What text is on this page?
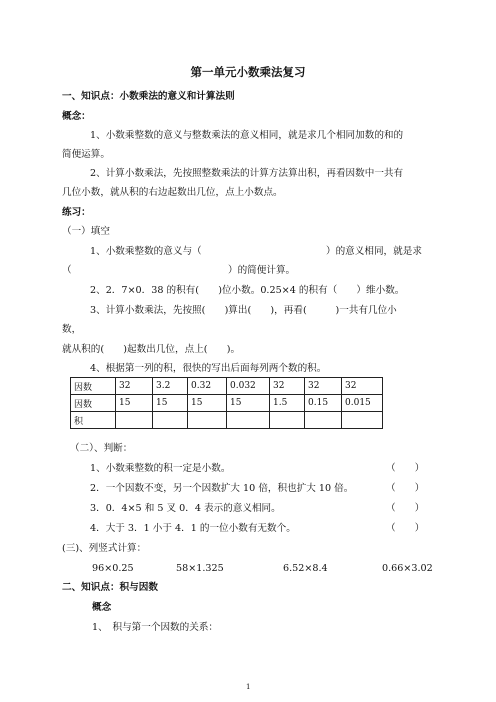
第一单元小数乘法复习
一、知识点：小数乘法的意义和计算法则
概念：
1、小数乘整数的意义与整数乘法的意义相同，就是求几个相同加数的和的
简便运算。
2、计算小数乘法，先按照整数乘法的计算方法算出积，再看因数中一共有
几位小数，就从积的右边起数出几位，点上小数点。
练习：
（一）填空
1、小数乘整数的意义与（	）的意义相同，就是求
（	）的简便计算。
2、2．7×0．38 的积有(　　)位小数。0.25×4 的积有（　　）维小数。
3、计算小数乘法，先按照(　　)算出(　　)，再看(　　　)一共有几位小
数，
就从积的(　　)起数出几位，点上(　　)。
4、根据第一列的积，很快的写出后面每列两个数的积。
因数	32	3.2	0.32	0.032	32	32	32
因数	15	15	15	15	1.5	0.15	0.015
积							
（二）、判断：
1、小数乘整数的积一定是小数。	（　　）
2．一个因数不变，另一个因数扩大 10 倍，积也扩大 10 倍。	（　　）
3．0．4×5 和 5 叉 0．4 表示的意义相同。	（　　）
4．大于 3．1 小于 4．1 的一位小数有无数个。	（　　）
(三)、列竖式计算：
96×0.25	58×1.325	6.52×8.4	0.66×3.02
二、知识点：积与因数
概念
1、　积与第一个因数的关系：
1
